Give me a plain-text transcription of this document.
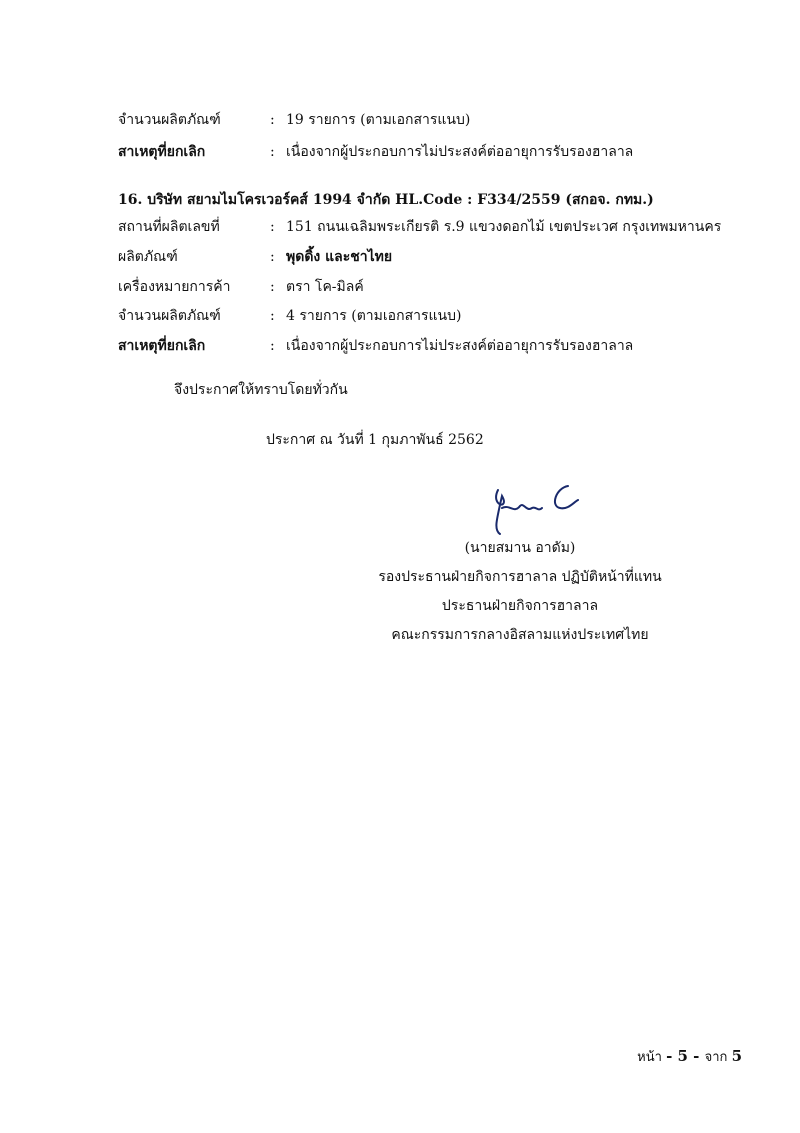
จำนวนผลิตภัณฑ์	: 19 รายการ (ตามเอกสารแนบ)
สาเหตุที่ยกเลิก	: เนื่องจากผู้ประกอบการไม่ประสงค์ต่ออายุการรับรองฮาลาล
16. บริษัท สยามไมโครเวอร์คส์ 1994 จำกัด HL.Code : F334/2559 (สกอจ. กทม.)
สถานที่ผลิตเลขที่	: 151 ถนนเฉลิมพระเกียรติ ร.9 แขวงดอกไม้ เขตประเวศ กรุงเทพมหานคร
ผลิตภัณฑ์	: พุดดิ้ง และชาไทย
เครื่องหมายการค้า	: ตรา โค-มิลค์
จำนวนผลิตภัณฑ์	: 4 รายการ (ตามเอกสารแนบ)
สาเหตุที่ยกเลิก	: เนื่องจากผู้ประกอบการไม่ประสงค์ต่ออายุการรับรองฮาลาล
จึงประกาศให้ทราบโดยทั่วกัน
ประกาศ ณ วันที่ 1 กุมภาพันธ์ 2562
(นายสมาน อาดัม)
รองประธานฝ่ายกิจการฮาลาล ปฏิบัติหน้าที่แทน
ประธานฝ่ายกิจการฮาลาล
คณะกรรมการกลางอิสลามแห่งประเทศไทย
หน้า - 5 - จาก 5
